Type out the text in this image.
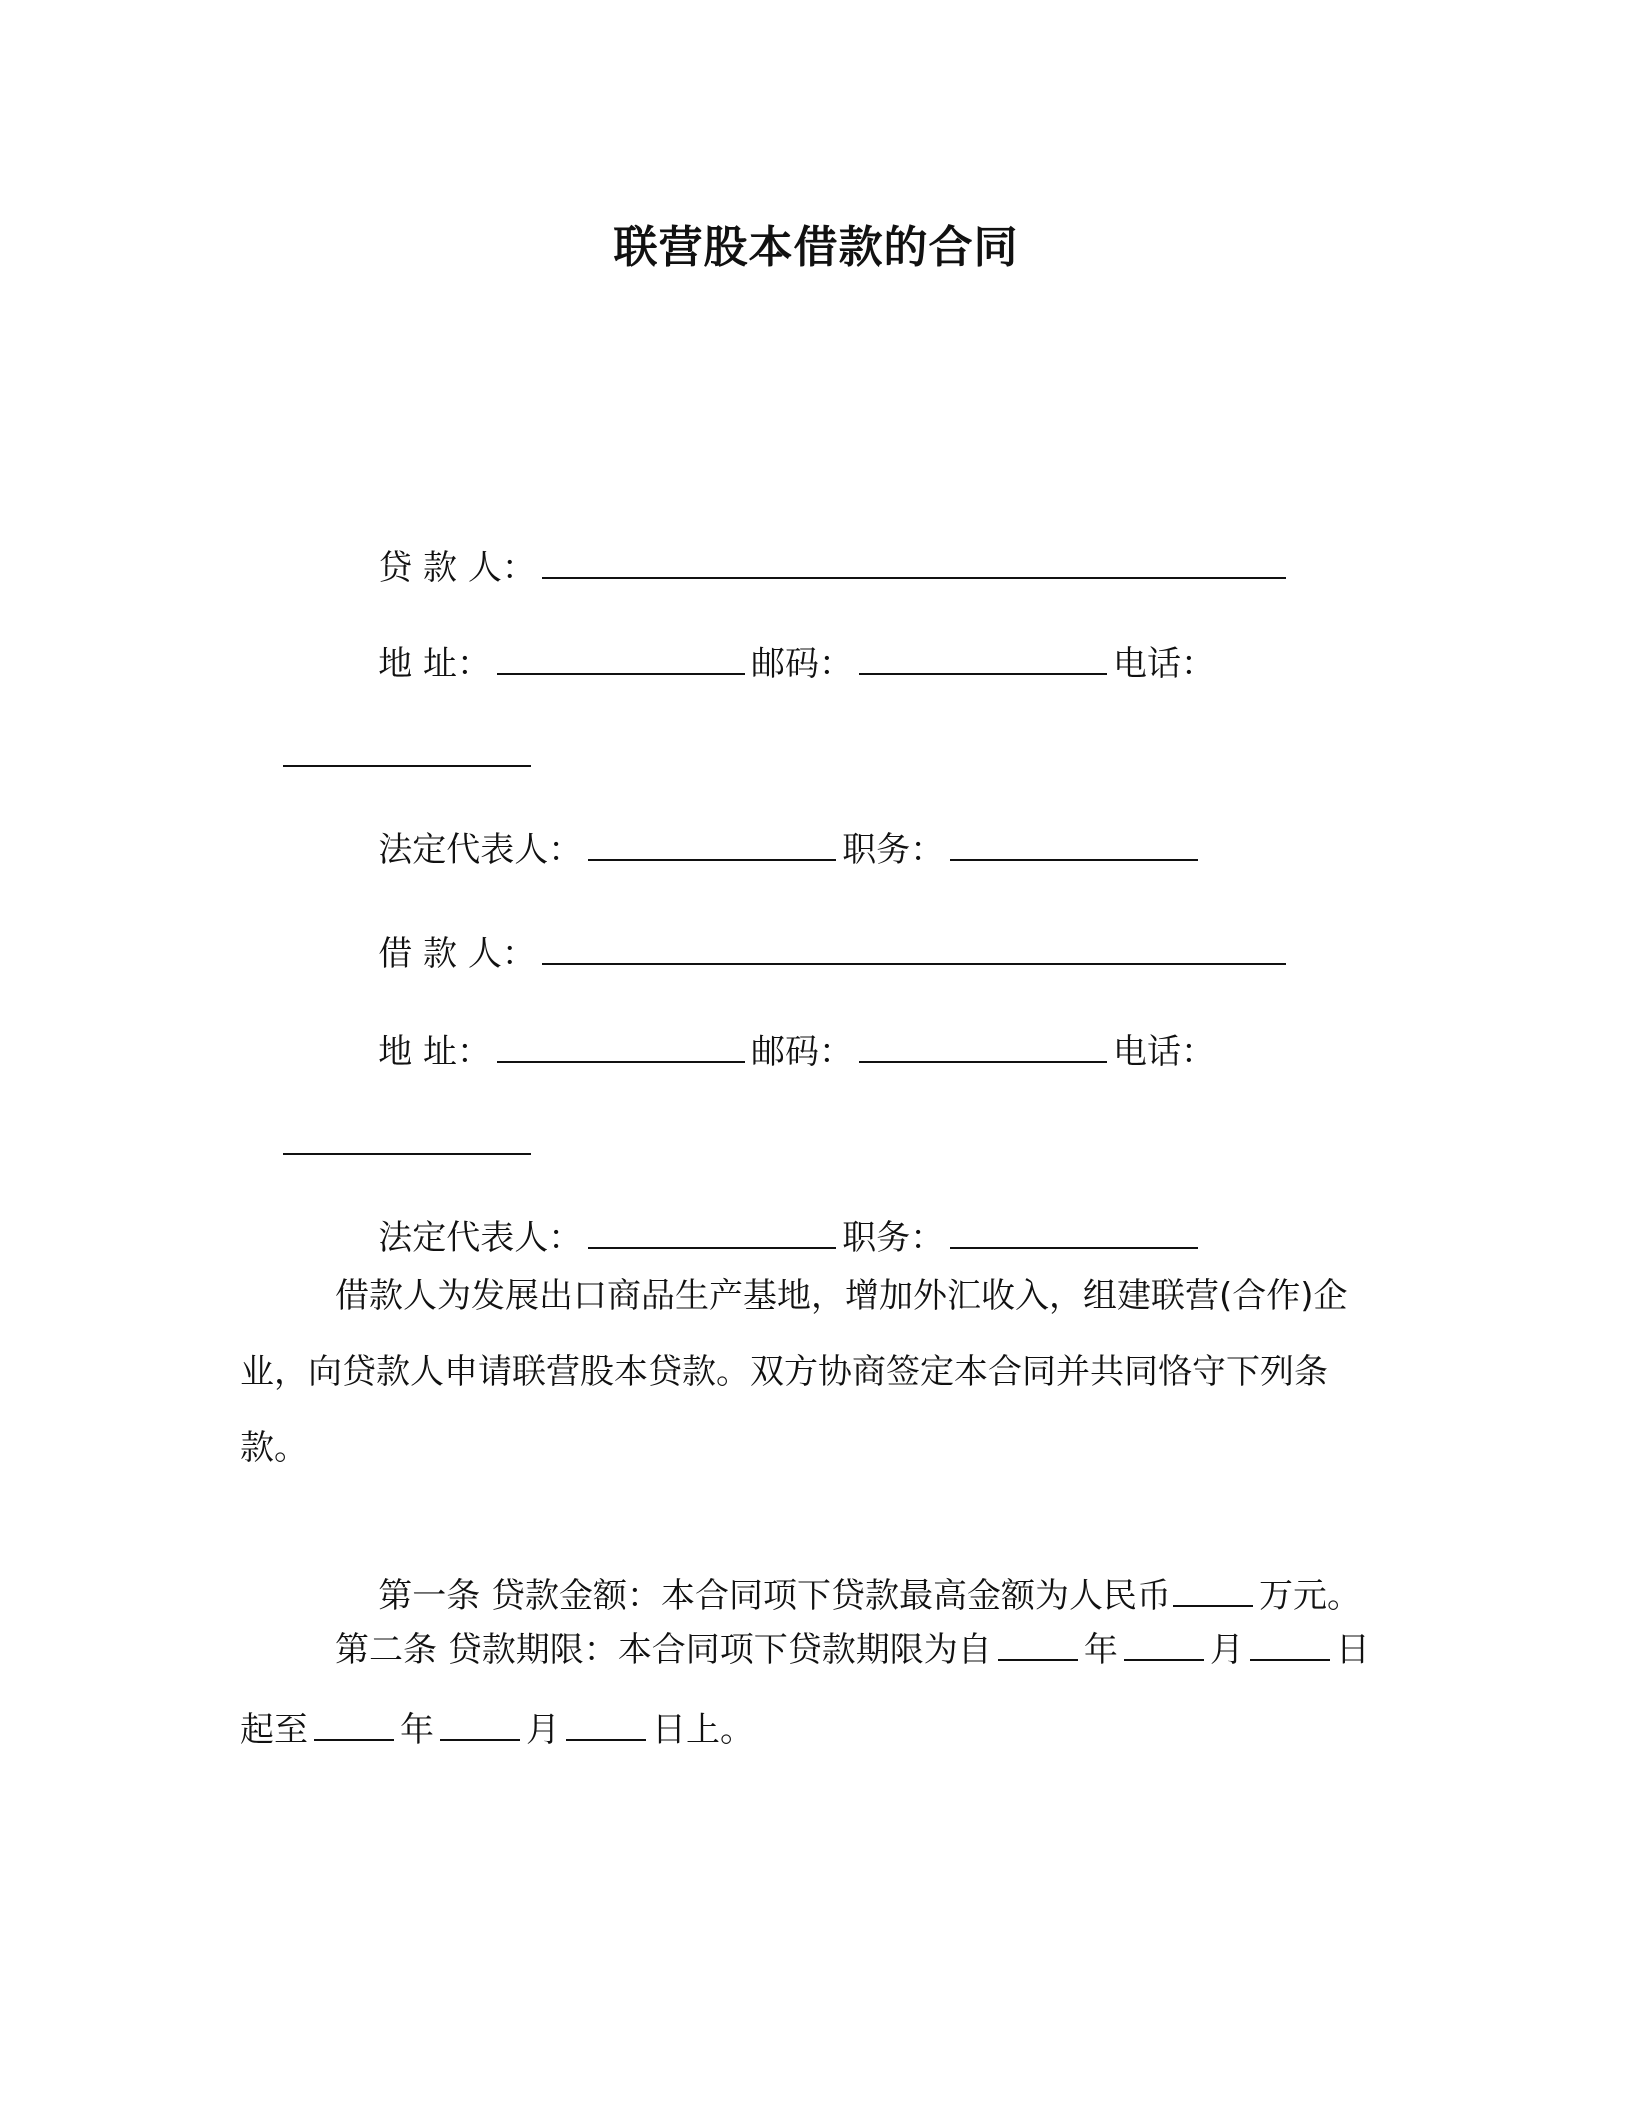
联营股本借款的合同

贷 款 人：

地 址：	邮码：	电话：

法定代表人：	职务：

借 款 人：

地 址：	邮码：	电话：

法定代表人：	职务：

借款人为发展出口商品生产基地，增加外汇收入，组建联营(合作)企业，向贷款人申请联营股本贷款。双方协商签定本合同并共同恪守下列条款。

第一条 贷款金额：本合同项下贷款最高金额为人民币	万元。

第二条 贷款期限：本合同项下贷款期限为自	年	月	日起至	年	月	日上。
